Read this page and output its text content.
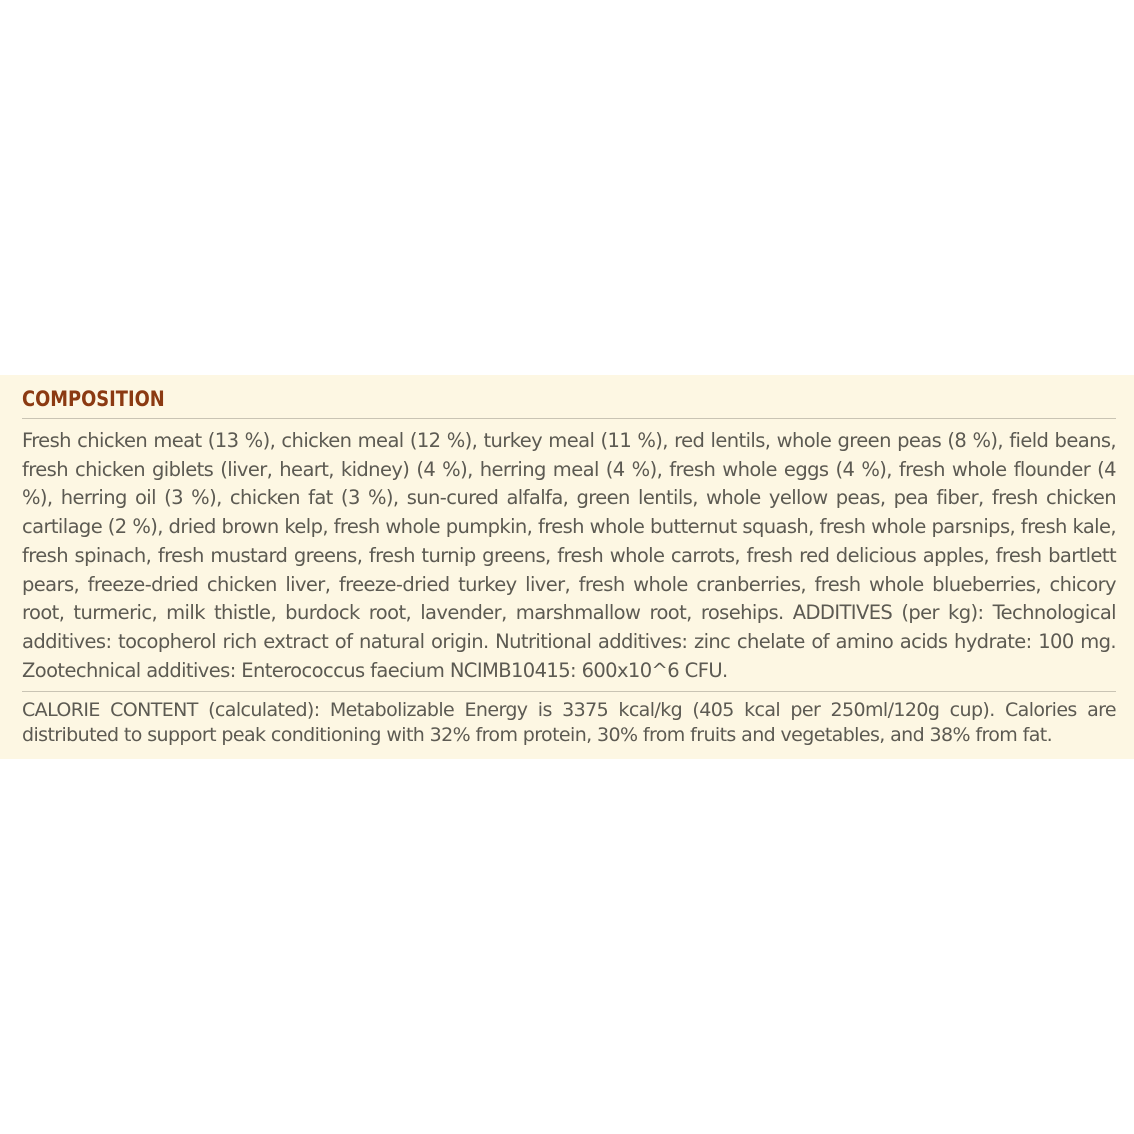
COMPOSITION

Fresh chicken meat (13 %), chicken meal (12 %), turkey meal (11 %), red lentils, whole green peas (8 %), field beans, fresh chicken giblets (liver, heart, kidney) (4 %), herring meal (4 %), fresh whole eggs (4 %), fresh whole flounder (4 %), herring oil (3 %), chicken fat (3 %), sun-cured alfalfa, green lentils, whole yellow peas, pea fiber, fresh chicken cartilage (2 %), dried brown kelp, fresh whole pumpkin, fresh whole butternut squash, fresh whole parsnips, fresh kale, fresh spinach, fresh mustard greens, fresh turnip greens, fresh whole carrots, fresh red delicious apples, fresh bartlett pears, freeze-dried chicken liver, freeze-dried turkey liver, fresh whole cranberries, fresh whole blueberries, chicory root, turmeric, milk thistle, burdock root, lavender, marshmallow root, rosehips. ADDITIVES (per kg): Technological additives: tocopherol rich extract of natural origin. Nutritional additives: zinc chelate of amino acids hydrate: 100 mg. Zootechnical additives: Enterococcus faecium NCIMB10415: 600x10^6 CFU.

CALORIE CONTENT (calculated): Metabolizable Energy is 3375 kcal/kg (405 kcal per 250ml/120g cup). Calories are distributed to support peak conditioning with 32% from protein, 30% from fruits and vegetables, and 38% from fat.
